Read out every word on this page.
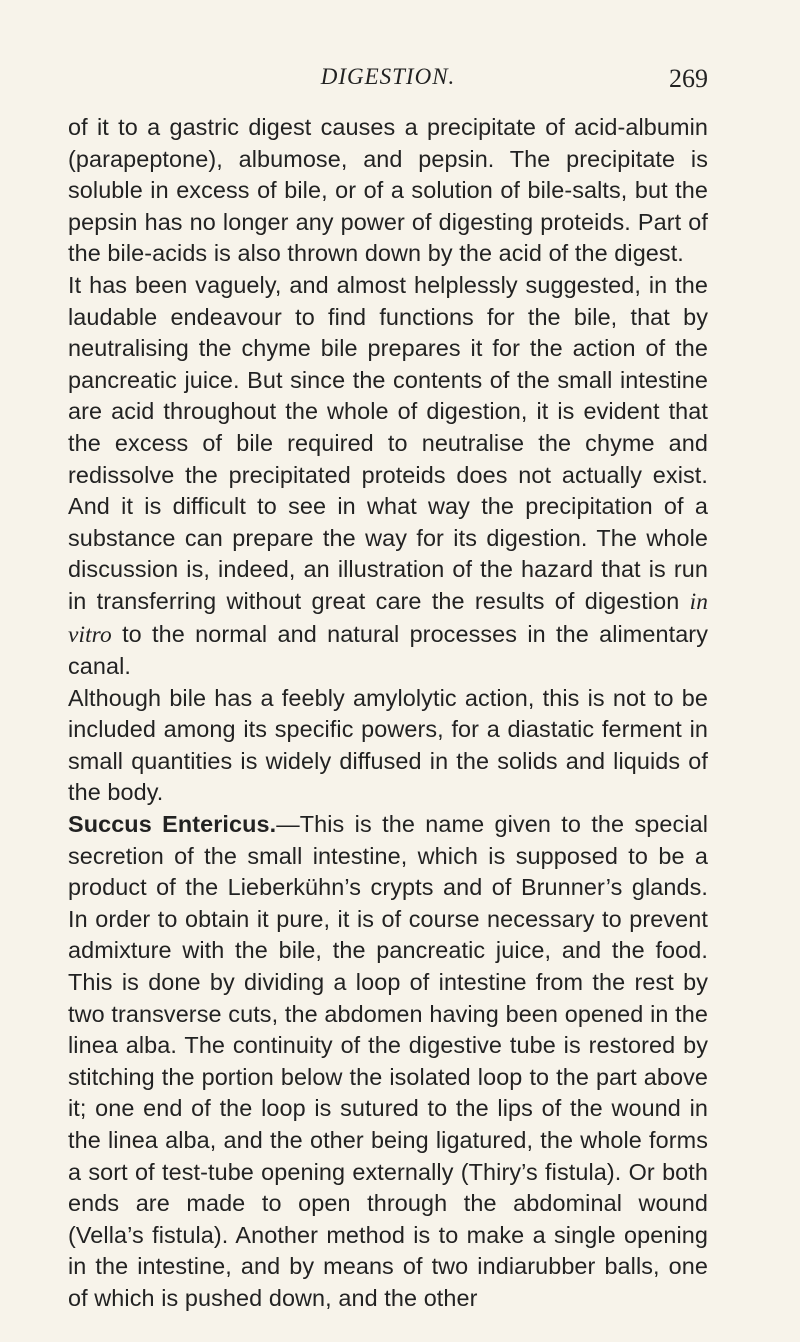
DIGESTION.	269

of it to a gastric digest causes a precipitate of acid-albumin (parapeptone), albumose, and pepsin. The precipitate is soluble in excess of bile, or of a solution of bile-salts, but the pepsin has no longer any power of digesting proteids. Part of the bile-acids is also thrown down by the acid of the digest.

It has been vaguely, and almost helplessly suggested, in the laudable endeavour to find functions for the bile, that by neutralising the chyme bile prepares it for the action of the pancreatic juice. But since the contents of the small intestine are acid throughout the whole of digestion, it is evident that the excess of bile required to neutralise the chyme and redissolve the precipitated proteids does not actually exist. And it is difficult to see in what way the precipitation of a substance can prepare the way for its digestion. The whole discussion is, indeed, an illustration of the hazard that is run in transferring without great care the results of digestion in vitro to the normal and natural processes in the alimentary canal.

Although bile has a feebly amylolytic action, this is not to be included among its specific powers, for a diastatic ferment in small quantities is widely diffused in the solids and liquids of the body.

Succus Entericus.—This is the name given to the special secretion of the small intestine, which is supposed to be a product of the Lieberkühn’s crypts and of Brunner’s glands. In order to obtain it pure, it is of course necessary to prevent admixture with the bile, the pancreatic juice, and the food. This is done by dividing a loop of intestine from the rest by two transverse cuts, the abdomen having been opened in the linea alba. The continuity of the digestive tube is restored by stitching the portion below the isolated loop to the part above it; one end of the loop is sutured to the lips of the wound in the linea alba, and the other being ligatured, the whole forms a sort of test-tube opening externally (Thiry’s fistula). Or both ends are made to open through the abdominal wound (Vella’s fistula). Another method is to make a single opening in the intestine, and by means of two indiarubber balls, one of which is pushed down, and the other
